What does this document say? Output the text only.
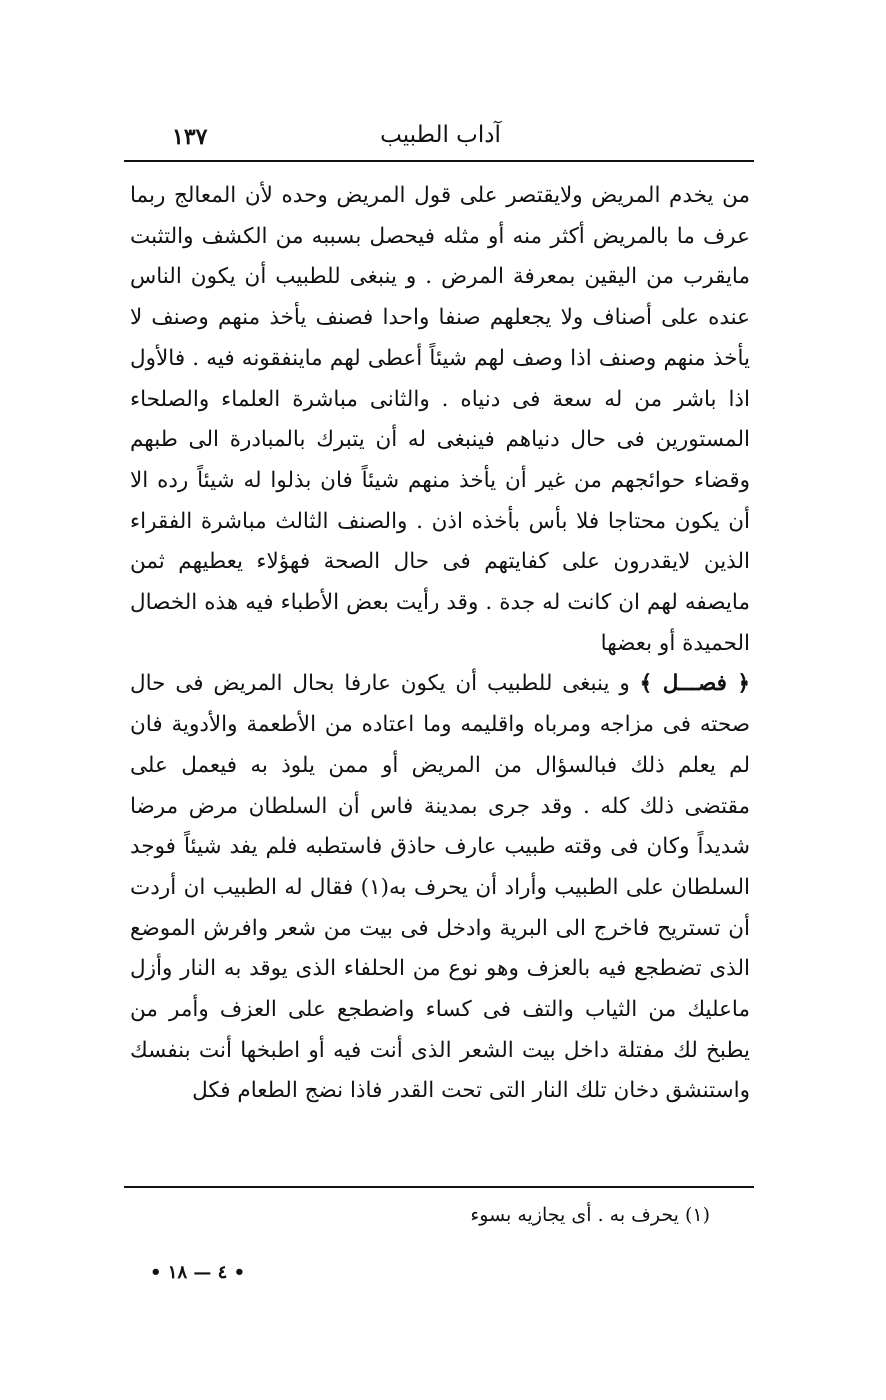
آداب الطبيب
١٣٧

من يخدم المريض ولايقتصر على قول المريض وحده لأن المعالج ربما عرف ما بالمريض أكثر منه أو مثله فيحصل بسببه من الكشف والتثبت مايقرب من اليقين بمعرفة المرض . و ينبغى للطبيب أن يكون الناس عنده على أصناف ولا يجعلهم صنفا واحدا فصنف يأخذ منهم وصنف لا يأخذ منهم وصنف اذا وصف لهم شيئاً أعطى لهم ماينفقونه فيه . فالأول اذا باشر من له سعة فى دنياه . والثانى مباشرة العلماء والصلحاء المستورين فى حال دنياهم فينبغى له أن يتبرك بالمبادرة الى طبهم وقضاء حوائجهم من غير أن يأخذ منهم شيئاً فان بذلوا له شيئاً رده الا أن يكون محتاجا فلا بأس بأخذه اذن . والصنف الثالث مباشرة الفقراء الذين لايقدرون على كفايتهم فى حال الصحة فهؤلاء يعطيهم ثمن مايصفه لهم ان كانت له جدة . وقد رأيت بعض الأطباء فيه هذه الخصال الحميدة أو بعضها

﴿ فصـــل ﴾ و ينبغى للطبيب أن يكون عارفا بحال المريض فى حال صحته فى مزاجه ومرباه واقليمه وما اعتاده من الأطعمة والأدوية فان لم يعلم ذلك فبالسؤال من المريض أو ممن يلوذ به فيعمل على مقتضى ذلك كله . وقد جرى بمدينة فاس أن السلطان مرض مرضا شديداً وكان فى وقته طبيب عارف حاذق فاستطبه فلم يفد شيئاً فوجد السلطان على الطبيب وأراد أن يحرف به(١) فقال له الطبيب ان أردت أن تستريح فاخرج الى البرية وادخل فى بيت من شعر وافرش الموضع الذى تضطجع فيه بالعزف وهو نوع من الحلفاء الذى يوقد به النار وأزل ماعليك من الثياب والتف فى كساء واضطجع على العزف وأمر من يطبخ لك مفتلة داخل بيت الشعر الذى أنت فيه أو اطبخها أنت بنفسك واستنشق دخان تلك النار التى تحت القدر فاذا نضج الطعام فكل

(١) يحرف به . أى يجازيه بسوء
• ٤ — ١٨ •
